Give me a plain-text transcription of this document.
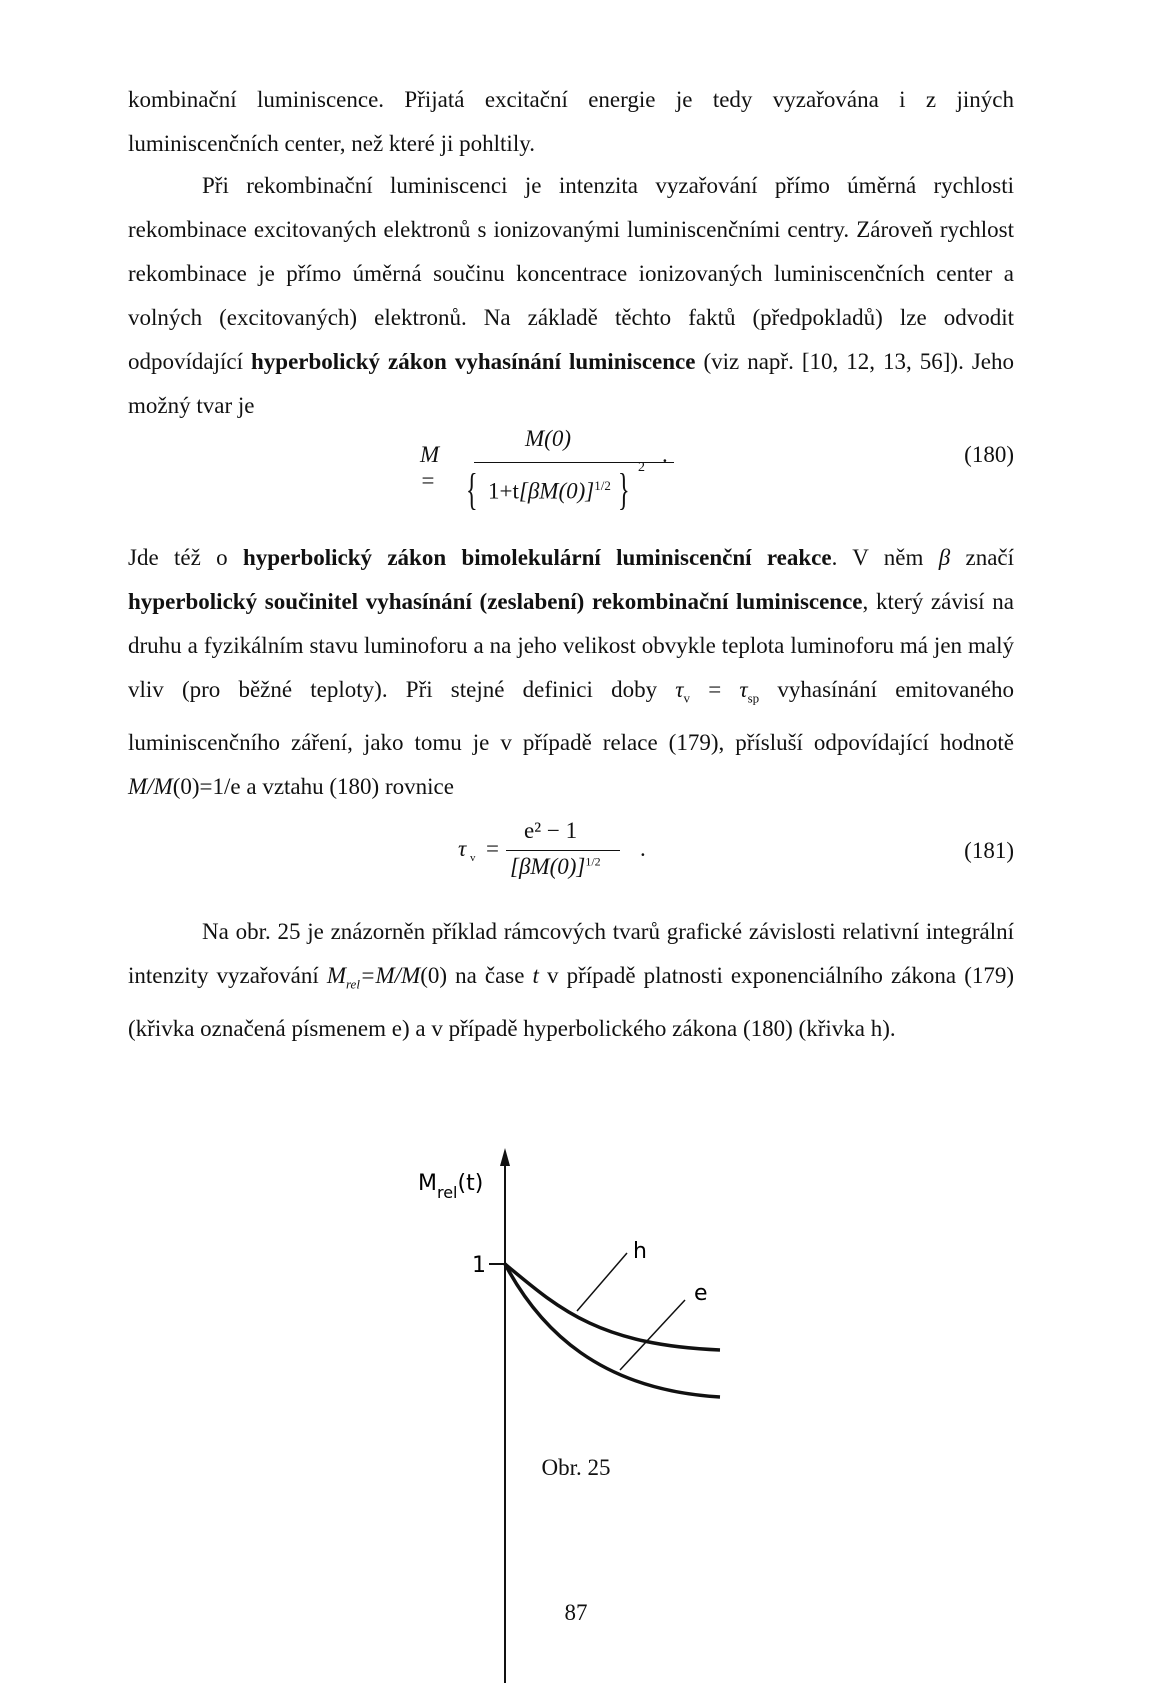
kombinační luminiscence. Přijatá excitační energie je tedy vyzařována i z jiných luminiscenčních center, než které ji pohltily.

Při rekombinační luminiscenci je intenzita vyzařování přímo úměrná rychlosti rekombinace excitovaných elektronů s ionizovanými luminiscenčními centry. Zároveň rychlost rekombinace je přímo úměrná součinu koncentrace ionizovaných luminiscenčních center a volných (excitovaných) elektronů. Na základě těchto faktů (předpokladů) lze odvodit odpovídající hyperbolický zákon vyhasínání luminiscence (viz např. [10, 12, 13, 56]). Jeho možný tvar je

M =
M(0)
{ $1+t[\beta M(0)]^{1/2}$ } 2
.	(180)

Jde též o hyperbolický zákon bimolekulární luminiscenční reakce. V něm β značí hyperbolický součinitel vyhasínání (zeslabení) rekombinační luminiscence, který závisí na druhu a fyzikálním stavu luminoforu a na jeho velikost obvykle teplota luminoforu má jen malý vliv (pro běžné teploty). Při stejné definici doby $\tau_v = \tau_{sp}$ vyhasínání emitovaného luminiscenčního záření, jako tomu je v případě relace (179), přísluší odpovídající hodnotě M/M(0)=1/e a vztahu (180) rovnice

τ v =
e² − 1
$[\beta M(0)]^{1/2}$
.	(181)

Na obr. 25 je znázorněn příklad rámcových tvarů grafické závislosti relativní integrální intenzity vyzařování $M_{rel}=M/M(0)$ na čase t v případě platnosti exponenciálního zákona (179) (křivka označená písmenem e) a v případě hyperbolického zákona (180) (křivka h).

$M_{rel}(t)$
1
h
e
Obr. 25
87
